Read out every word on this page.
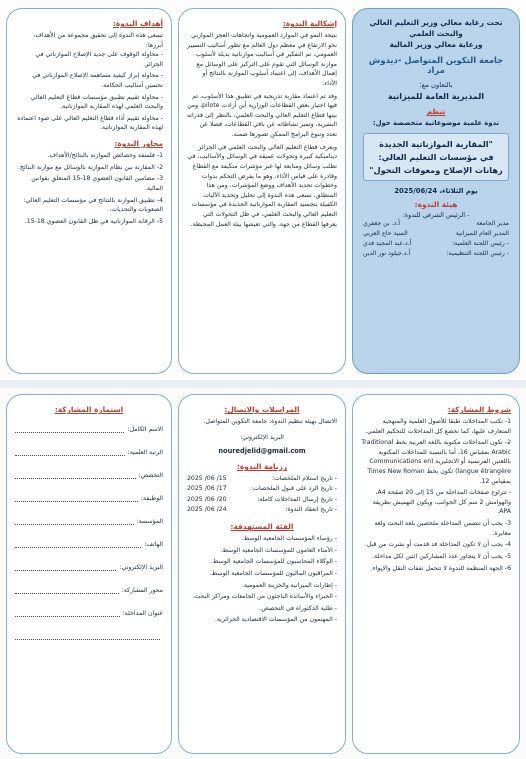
تحت رعاية معالي وزير التعليم العالي والبحث العلمي
ورعاية معالي وزير المالية
جامعة التكوين المتواصل -ديدوش مراد
بالتعاون مع:
المديرية العامة للميزانية
تنظم
ندوة علمية موضوعاتية متخصصة حول:
"المقاربة الموازناتية الجديدة
في مؤسسات التعليم العالي:
رهانات الإصلاح ومعوقات التحول"
يوم الثلاثاء، 2025/06/24
هيئة الندوة:
- الرئيس الشرفي للندوة:
مدير الجامعة
أ.د. بن جعفري
المدير العام للميزانية
السيد حاج العربي
- رئيس اللجنة العلمية:
أ.د.عبد المجيد قدي
- رئيس اللجنة التنظيمية:
أ.د.جيلود نور الدين
إشكالية الندوة:

نتيجة النمو في الموارد العمومية واتجاهات العجز الموازني نحو الارتفاع في معظم دول العالم مع تطور أساليب التسيير العمومي، تم التفكير في أساليب موازناتية بديلة لأسلوب موازنة الوسائل التي تقوم على التركيز على الوسائل مع إهمال الأهداف، إلى اعتماد أسلوب الموازنة بالنتائج أو الأداء.

وقد تم اعتماد مقاربة تدريجية في تطبيق هذا الأسلوب، تم فيها اختيار بعض القطاعات الوزارية أين أرادت pilote، ومن بينها قطاع التعليم العالي والبحث العلمي، بالنظر إلى قدراته البشرية، وتميز نشاطاته عن باقي القطاعات، فضلا عن تعدد وتنوع البرامج الممكن تصورها ضمنه.

ويعرف قطاع التعليم العالي والبحث العلمي في الجزائر ديناميكية كبيرة وتحولات عميقة في الوسائل والأساليب، في تطلب وسائل ومتابعة لها عبر مؤشرات متكيفة مع القطاع وقادرة على قياس الأداء، وهو ما يفرض التحكم بدوات وخطوات تحديد الأهداف ووضع المؤشرات. ومن هذا المنطلق، تسعى هذه الندوة إلى تحليل وتحديد الآليات الكفيلة بتجسيد المقاربة الموازناتية الجديدة في مؤسسات التعليم العالي والبحث العلمي، في ظل التحولات التي يعرفها القطاع من جهة، والتي تعيشها بيئة العمل المحيطة.

أهداف الندوة:

تسعى هذه الندوة إلى تحقيق مجموعة من الأهداف، أبرزها:

- محاولة الوقوف على جديد الإصلاح الموازناتي في الجزائر.

- محاولة إبراز كيفية مساهمة الإصلاح الموازناتي في تحسين أساليب الحكامة.

- محاولة تقييم تطبيق مؤسسات قطاع التعليم العالي والبحث العلمي لهذه المقاربة الموازناتية.

- محاولة تقييم أداء قطاع التعليم العالي على ضوء اعتماده لهذه المقاربة الموازناتية.

محاور الندوة:

1- فلسفة وخصائص الموازنة بالنتائج/الأهداف.

2- المقارنة بين نظام الموازنة بالوسائل مع موازنة النتائج.

3- مضامين القانون العضوي 18-15 المتعلق بقوانين المالية.

4- تطبيق الموازنة بالنتائج في مؤسسات التعليم العالي: الصعوبات والتحديات.

5- الرقابة الموازناتية في ظل القانون العضوي 18-15.

شروط المشاركة:

1- تكتب المداخلات طبقا للأصول العلمية والمنهجية المتعارف عليها، كما تخضع كل المداخلات للتحكيم العلمي.

2- تكون المداخلات مكتوبة باللغة العربية بخط Traditional Arabic بمقياس 16، أما بالنسبة للمداخلات المكتوبة باللغتين الفرنسية أو الانجليزية (Communications en langue étrangère) تكون بخط Times New Roman بمقياس 12.

- تتراوح صفحات المداخلة من 15 إلى 20 صفحة A4، والهوامش 2 سم كل الجوانب، ويكون التهميش بطريقة APA.

3- يجب أن تتضمن المداخلة ملخصين بلغة البحث ولغة مغايرة.

4- يجب أن لا تكون المداخلة قد قدمت أو نشرت من قبل.

5- يجب أن لا يتجاوز عدد المشاركين اثنين لكل مداخلة.

6- الجهة المنظمة للندوة لا تتحمل نفقات النقل والإيواء.

المراسلات والاتصال:

الاتصال بهيئة تنظيم الندوة: جامعة التكوين المتواصل.

البريد الإلكتروني:

nouredjelid@gmail.com
رزنامة الندوة:
- تاريخ استلام الملخصات:
2025 /06 /15
- تاريخ الرد على قبول الملخصات:
2025 /06 /17
- تاريخ إرسال المداخلات كاملة:
2025 /06 /20
- تاريخ انعقاد الندوة:
2025 /06 /24
الفئة المستهدفة:

- رؤساء المؤسسات الجامعية الوسط.

- الأمناء العامون للمؤسسات الجامعية الوسط.

- الوكلاء المحاسبون للمؤسسات الجامعية الوسط.

- المراقبون الماليون للمؤسسات الجامعية الوسط.

- إطارات الميزانية والخزينة العمومية.

- الخبراء والأساتذة الباحثون من الجامعات ومراكز البحث.

- طلبة الدكتوراه في التخصص.

- المهتمون من المؤسسات الاقتصادية الجزائرية.

استمارة المشاركة:
الاسم الكامل:
الرتبة العلمية:
التخصص:
الوظيفة:
المؤسسة:
الهاتف:
البريد الإلكتروني:
محور المشاركة:
عنوان المداخلة:
